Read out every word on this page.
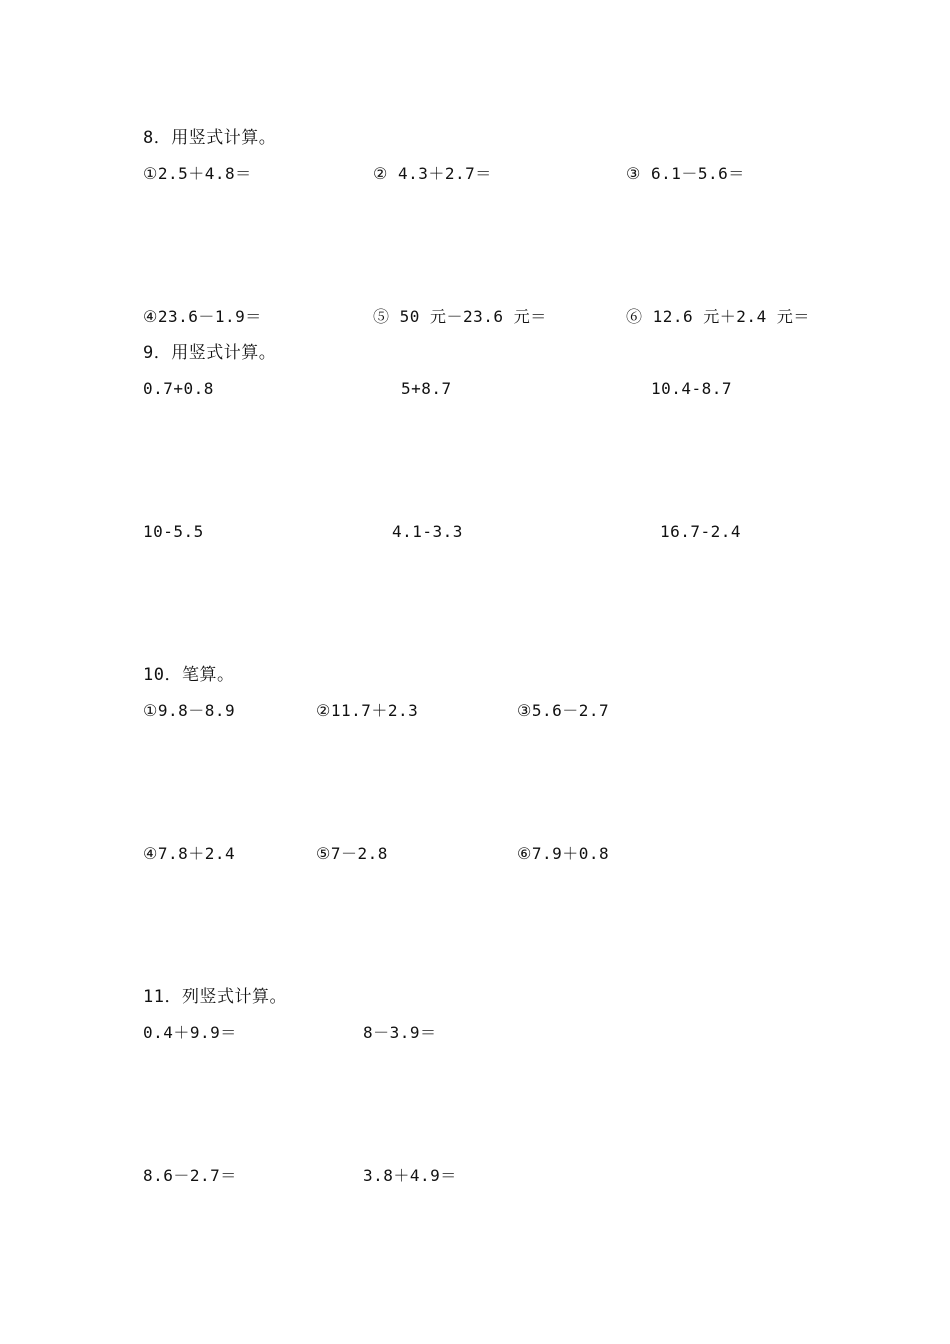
8．用竖式计算。
①2.5＋4.8＝	② 4.3＋2.7＝	③ 6.1－5.6＝
④23.6－1.9＝	⑤ 50 元－23.6 元＝	⑥ 12.6 元＋2.4 元＝
9．用竖式计算。
0.7+0.8	5+8.7	10.4-8.7
10-5.5	4.1-3.3	16.7-2.4
10．笔算。
①9.8－8.9	②11.7＋2.3	③5.6－2.7
④7.8＋2.4	⑤7－2.8	⑥7.9＋0.8
11．列竖式计算。
0.4＋9.9＝	8－3.9＝
8.6－2.7＝	3.8＋4.9＝
